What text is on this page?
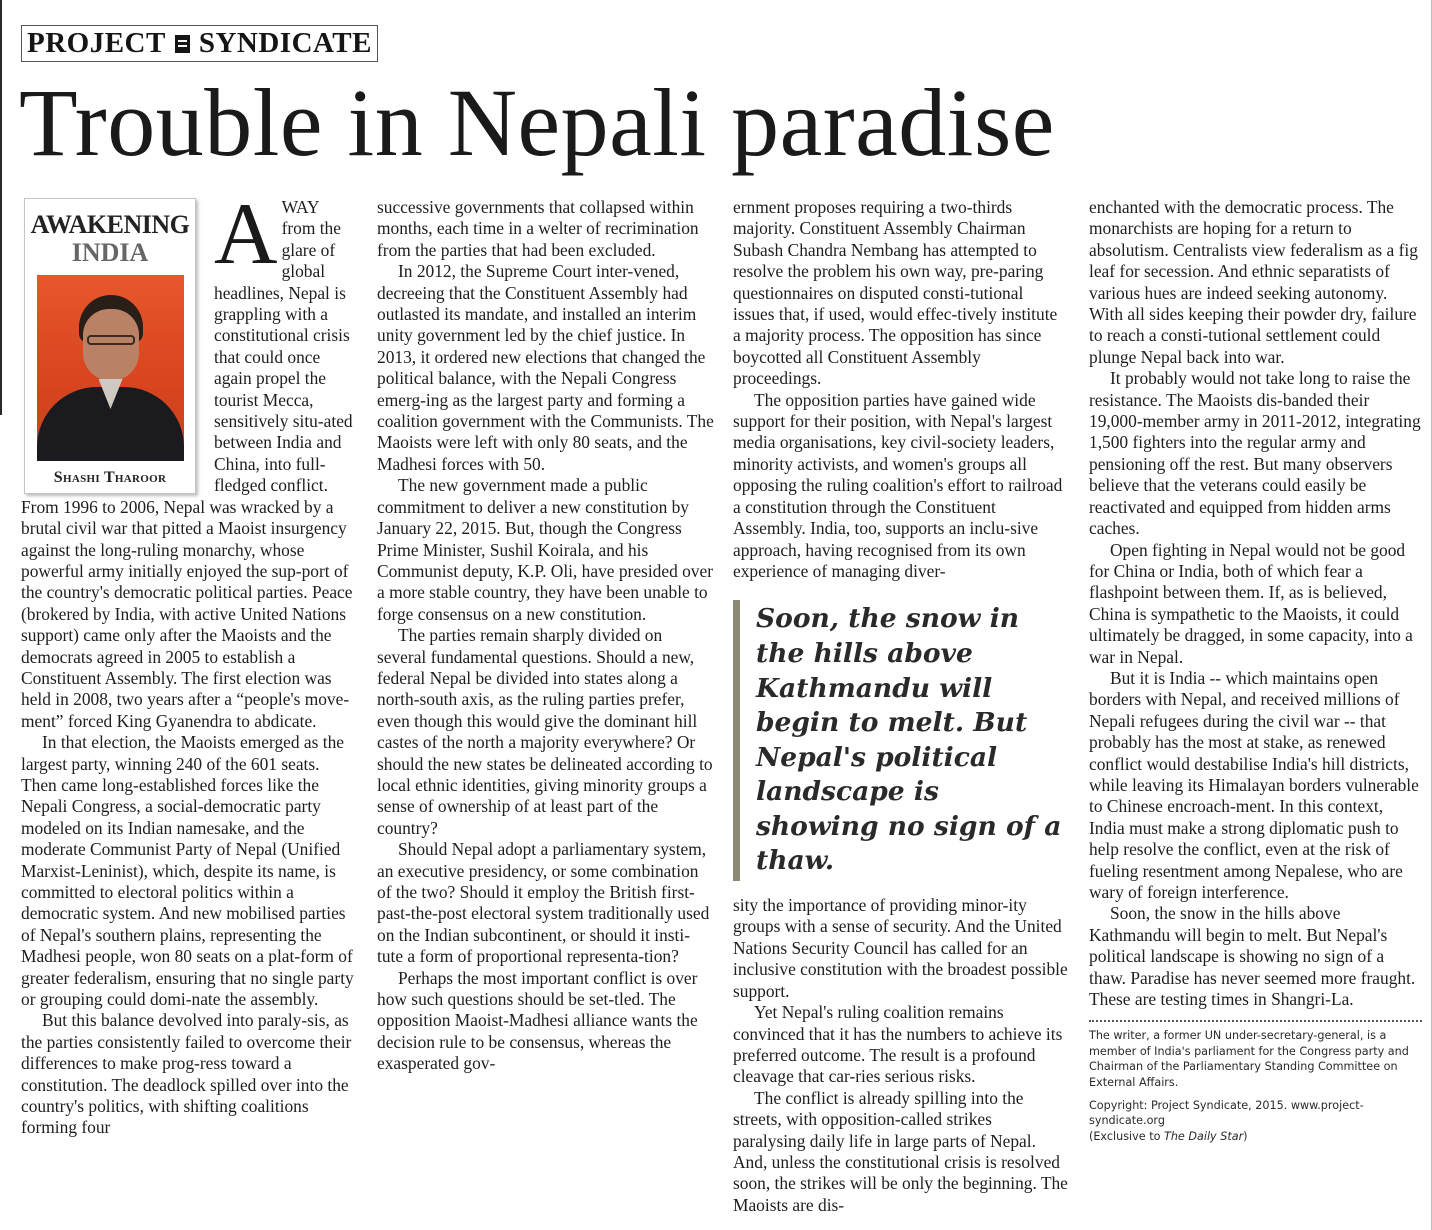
PROJECT SYNDICATE
Trouble in Nepali paradise
AWAKENING
INDIA
Shashi Tharoor

AWAY from the glare of global headlines, Nepal is grappling with a constitutional crisis that could once again propel the tourist Mecca, sensitively situ-ated between India and China, into full-fledged conflict.

From 1996 to 2006, Nepal was wracked by a brutal civil war that pitted a Maoist insurgency against the long-ruling monarchy, whose powerful army initially enjoyed the sup-port of the country's democratic political parties. Peace (brokered by India, with active United Nations support) came only after the Maoists and the democrats agreed in 2005 to establish a Constituent Assembly. The first election was held in 2008, two years after a “people's move-ment” forced King Gyanendra to abdicate.

In that election, the Maoists emerged as the largest party, winning 240 of the 601 seats. Then came long-established forces like the Nepali Congress, a social-democratic party modeled on its Indian namesake, and the moderate Communist Party of Nepal (Unified Marxist-Leninist), which, despite its name, is committed to electoral politics within a democratic system. And new mobilised parties of Nepal's southern plains, representing the Madhesi people, won 80 seats on a plat-form of greater federalism, ensuring that no single party or grouping could domi-nate the assembly.

But this balance devolved into paraly-sis, as the parties consistently failed to overcome their differences to make prog-ress toward a constitution. The deadlock spilled over into the country's politics, with shifting coalitions forming four

successive governments that collapsed within months, each time in a welter of recrimination from the parties that had been excluded.

In 2012, the Supreme Court inter-vened, decreeing that the Constituent Assembly had outlasted its mandate, and installed an interim unity government led by the chief justice. In 2013, it ordered new elections that changed the political balance, with the Nepali Congress emerg-ing as the largest party and forming a coalition government with the Communists. The Maoists were left with only 80 seats, and the Madhesi forces with 50.

The new government made a public commitment to deliver a new constitution by January 22, 2015. But, though the Congress Prime Minister, Sushil Koirala, and his Communist deputy, K.P. Oli, have presided over a more stable country, they have been unable to forge consensus on a new constitution.

The parties remain sharply divided on several fundamental questions. Should a new, federal Nepal be divided into states along a north-south axis, as the ruling parties prefer, even though this would give the dominant hill castes of the north a majority everywhere? Or should the new states be delineated according to local ethnic identities, giving minority groups a sense of ownership of at least part of the country?

Should Nepal adopt a parliamentary system, an executive presidency, or some combination of the two? Should it employ the British first-past-the-post electoral system traditionally used on the Indian subcontinent, or should it insti-tute a form of proportional representa-tion?

Perhaps the most important conflict is over how such questions should be set-tled. The opposition Maoist-Madhesi alliance wants the decision rule to be consensus, whereas the exasperated gov-

ernment proposes requiring a two-thirds majority. Constituent Assembly Chairman Subash Chandra Nembang has attempted to resolve the problem his own way, pre-paring questionnaires on disputed consti-tutional issues that, if used, would effec-tively institute a majority process. The opposition has since boycotted all Constituent Assembly proceedings.

The opposition parties have gained wide support for their position, with Nepal's largest media organisations, key civil-society leaders, minority activists, and women's groups all opposing the ruling coalition's effort to railroad a constitution through the Constituent Assembly. India, too, supports an inclu-sive approach, having recognised from its own experience of managing diver-

Soon, the snow in the hills above Kathmandu will begin to melt. But Nepal's political landscape is showing no sign of a thaw.

sity the importance of providing minor-ity groups with a sense of security. And the United Nations Security Council has called for an inclusive constitution with the broadest possible support.

Yet Nepal's ruling coalition remains convinced that it has the numbers to achieve its preferred outcome. The result is a profound cleavage that car-ries serious risks.

The conflict is already spilling into the streets, with opposition-called strikes paralysing daily life in large parts of Nepal. And, unless the constitutional crisis is resolved soon, the strikes will be only the beginning. The Maoists are dis-

enchanted with the democratic process. The monarchists are hoping for a return to absolutism. Centralists view federalism as a fig leaf for secession. And ethnic separatists of various hues are indeed seeking autonomy. With all sides keeping their powder dry, failure to reach a consti-tutional settlement could plunge Nepal back into war.

It probably would not take long to raise the resistance. The Maoists dis-banded their 19,000-member army in 2011-2012, integrating 1,500 fighters into the regular army and pensioning off the rest. But many observers believe that the veterans could easily be reactivated and equipped from hidden arms caches.

Open fighting in Nepal would not be good for China or India, both of which fear a flashpoint between them. If, as is believed, China is sympathetic to the Maoists, it could ultimately be dragged, in some capacity, into a war in Nepal.

But it is India -- which maintains open borders with Nepal, and received millions of Nepali refugees during the civil war -- that probably has the most at stake, as renewed conflict would destabilise India's hill districts, while leaving its Himalayan borders vulnerable to Chinese encroach-ment. In this context, India must make a strong diplomatic push to help resolve the conflict, even at the risk of fueling resentment among Nepalese, who are wary of foreign interference.

Soon, the snow in the hills above Kathmandu will begin to melt. But Nepal's political landscape is showing no sign of a thaw. Paradise has never seemed more fraught. These are testing times in Shangri-La.

The writer, a former UN under-secretary-general, is a member of India's parliament for the Congress party and Chairman of the Parliamentary Standing Committee on External Affairs.

Copyright: Project Syndicate, 2015. www.project-syndicate.org
(Exclusive to The Daily Star)
